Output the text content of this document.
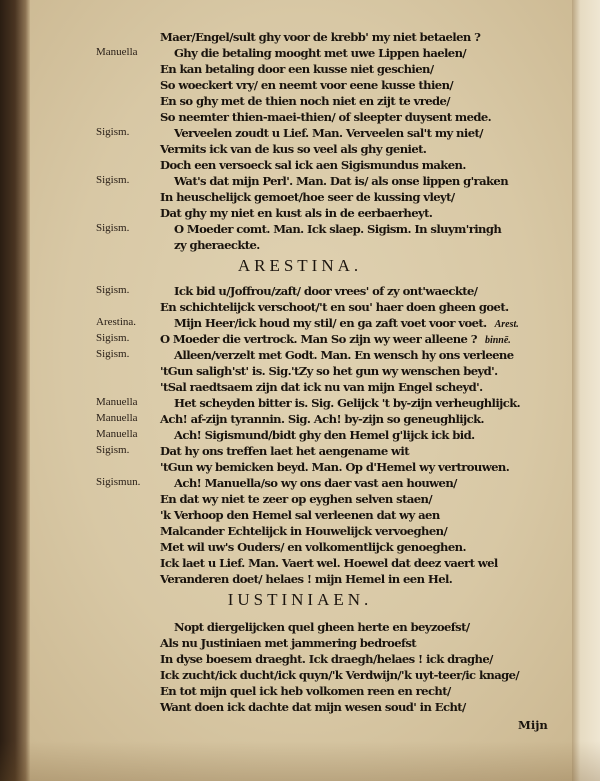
Maer/Engel/sult ghy voor de krebb' my niet betaelen ?
Manuella	Ghy die betaling mooght met uwe Lippen haelen/
En kan betaling door een kusse niet geschien/
So woeckert vry/ en neemt voor eene kusse thien/
En so ghy met de thien noch niet en zijt te vrede/
So neemter thien-maei-thien/ of sleepter duysent mede.
Sigism.	Verveelen zoudt u Lief. Man. Verveelen sal't my niet/
Vermits ick van de kus so veel als ghy geniet.
Doch een versoeck sal ick aen Sigismundus maken.
Sigism.	Wat's dat mijn Perl'. Man. Dat is/ als onse lippen g'raken
In heuschelijck gemoet/hoe seer de kussing vleyt/
Dat ghy my niet en kust als in de eerbaerheyt.
Sigism.	O Moeder comt. Man. Ick slaep. Sigism. In sluym'ringh
zy gheraeckte.
ARESTINA.
Sigism.	Ick bid u/Joffrou/zaft/ door vrees' of zy ont'waeckte/
En schichtelijck verschoot/'t en sou' haer doen gheen goet.
Arestina.	Mijn Heer/ick houd my stil/ en ga zaft voet voor voet. Arest.
Sigism.	O Moeder die vertrock. Man So zijn wy weer alleene ? binnē.
Sigism.	Alleen/verzelt met Godt. Man. En wensch hy ons verleene
'tGun saligh'st' is. Sig.'tZy so het gun wy wenschen beyd'.
'tSal raedtsaem zijn dat ick nu van mijn Engel scheyd'.
Manuella	Het scheyden bitter is. Sig. Gelijck 't by-zijn verheughlijck.
Manuella Ach! af-zijn tyrannin. Sig. Ach! by-zijn so geneughlijck.
Manuella	Ach! Sigismund/bidt ghy den Hemel g'lijck ick bid.
Sigism.	Dat hy ons treffen laet het aengename wit
'tGun wy bemicken beyd. Man. Op d'Hemel wy vertrouwen.
Sigismun.	Ach! Manuella/so wy ons daer vast aen houwen/
En dat wy niet te zeer op eyghen selven staen/
'k Verhoop den Hemel sal verleenen dat wy aen
Malcander Echtelijck in Houwelijck vervoeghen/
Met wil uw's Ouders/ en volkomentlijck genoeghen.
Ick laet u Lief. Man. Vaert wel. Hoewel dat deez vaert wel
Veranderen doet/ helaes ! mijn Hemel in een Hel.
IUSTINIAEN.
Nopt diergelijcken quel gheen herte en beyzoefst/
Als nu Justiniaen met jammering bedroefst
In dyse boesem draeght. Ick draegh/helaes ! ick draghe/
Ick zucht/ick ducht/ick quyn/'k Verdwijn/'k uyt-teer/ic knage/
En tot mijn quel ick heb volkomen reen en recht/
Want doen ick dachte dat mijn wesen soud' in Echt/
Mijn
